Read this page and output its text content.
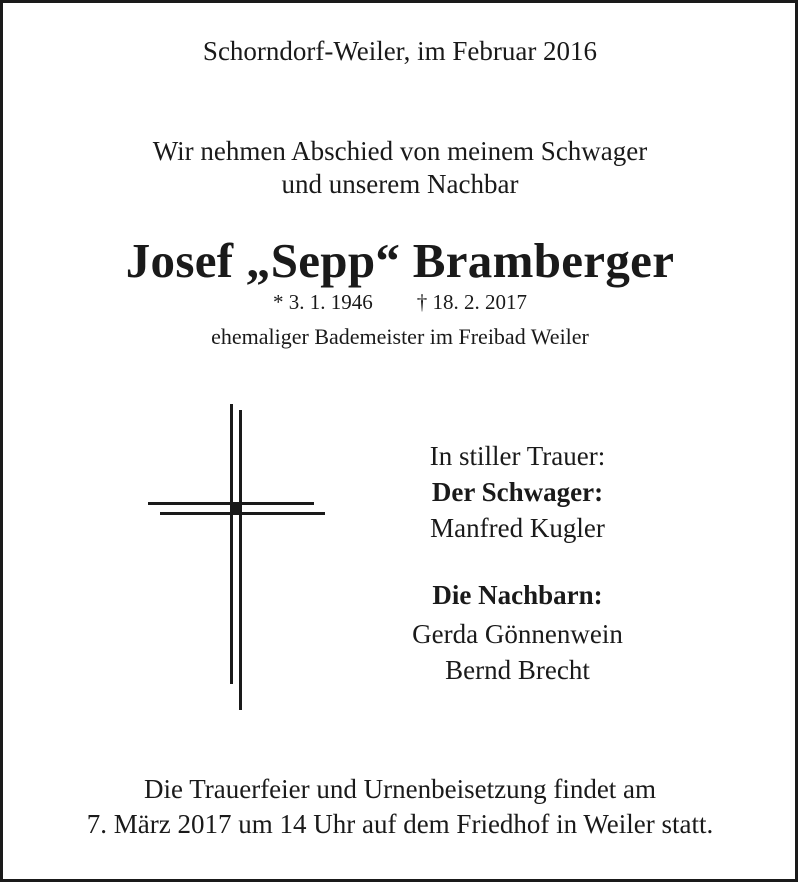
Schorndorf-Weiler, im Februar 2016
Wir nehmen Abschied von meinem Schwager
und unserem Nachbar
Josef „Sepp“ Bramberger
* 3. 1. 1946 † 18. 2. 2017
ehemaliger Bademeister im Freibad Weiler
In stiller Trauer:
Der Schwager:
Manfred Kugler
Die Nachbarn:
Gerda Gönnenwein
Bernd Brecht
Die Trauerfeier und Urnenbeisetzung findet am
7. März 2017 um 14 Uhr auf dem Friedhof in Weiler statt.
